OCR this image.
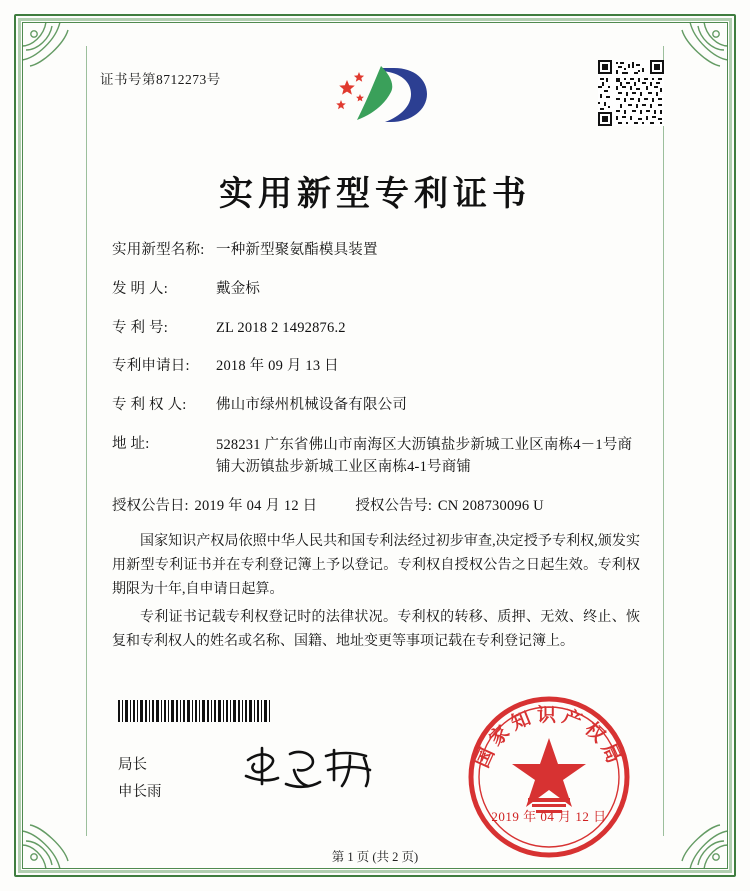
证书号第8712273号
实用新型专利证书
实用新型名称: 一种新型聚氨酯模具装置
发 明 人:	戴金标
专 利 号:	ZL 2018 2 1492876.2
专利申请日:	2018 年 09 月 13 日
专 利 权 人:	佛山市绿州机械设备有限公司
地 址:	528231 广东省佛山市南海区大沥镇盐步新城工业区南栋4－1号商铺大沥镇盐步新城工业区南栋4-1号商铺
授权公告日: 2019 年 04 月 12 日	授权公告号: CN 208730096 U

国家知识产权局依照中华人民共和国专利法经过初步审查,决定授予专利权,颁发实用新型专利证书并在专利登记簿上予以登记。专利权自授权公告之日起生效。专利权期限为十年,自申请日起算。

专利证书记载专利权登记时的法律状况。专利权的转移、质押、无效、终止、恢复和专利权人的姓名或名称、国籍、地址变更等事项记载在专利登记簿上。

局长
申长雨
国家知识产权局
2019 年 04 月 12 日
第 1 页 (共 2 页)
